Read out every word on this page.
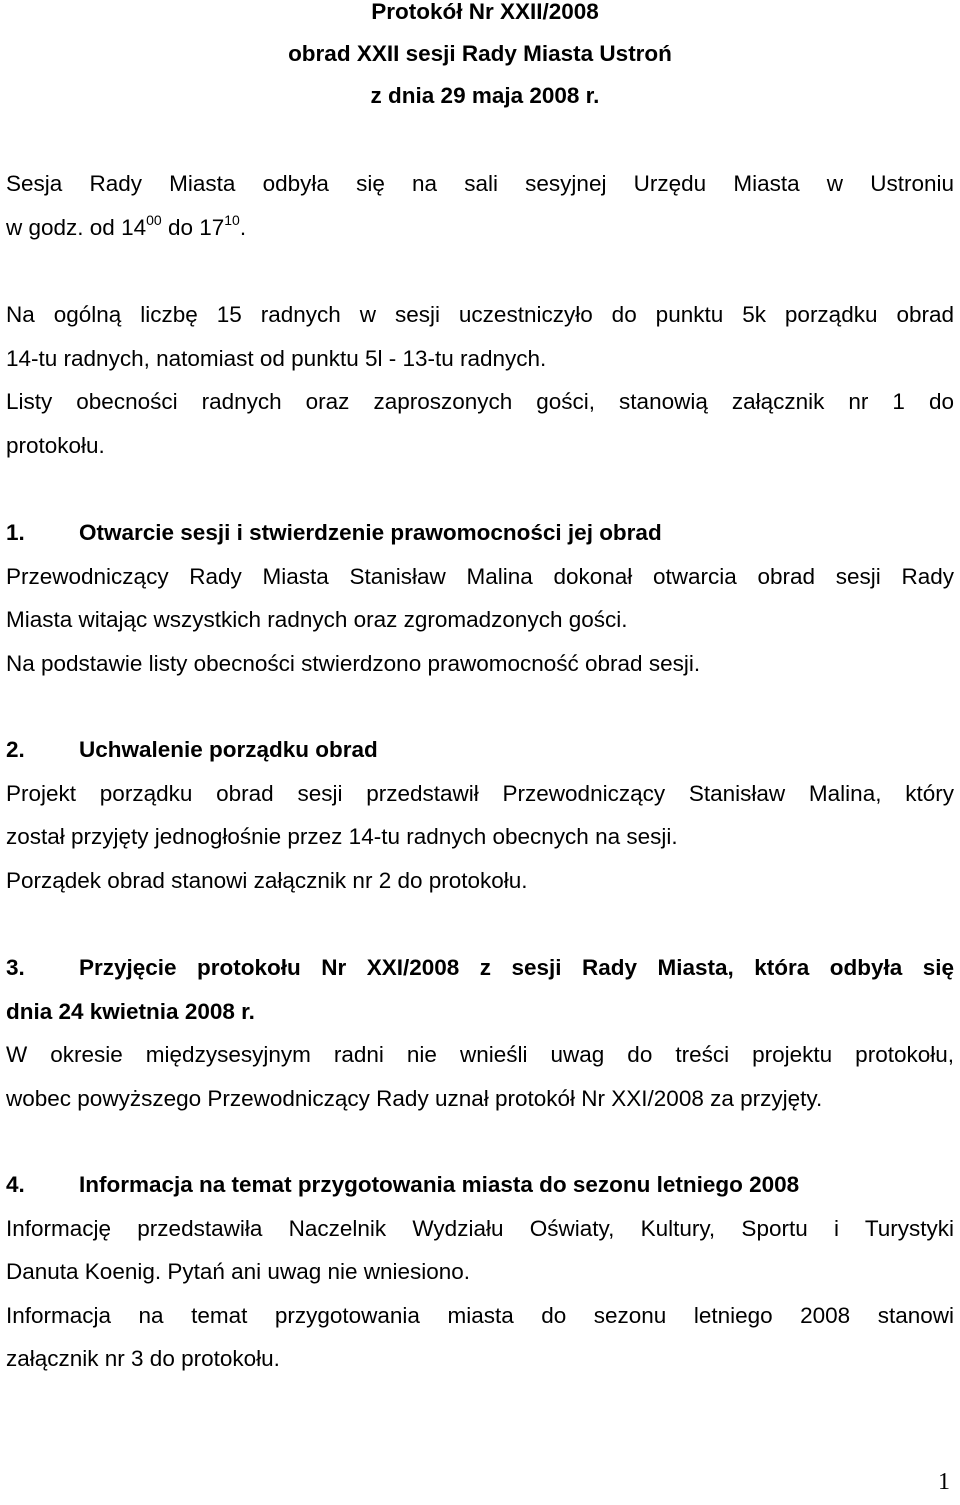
Protokół Nr XXII/2008

obrad XXII sesji Rady Miasta Ustroń

z dnia 29 maja 2008 r.

Sesja Rady Miasta odbyła się na sali sesyjnej Urzędu Miasta w Ustroniu
w godz. od $14^{00}$ do $17^{10}$.
Na ogólną liczbę 15 radnych w sesji uczestniczyło do punktu 5k porządku obrad
14-tu radnych, natomiast od punktu 5l - 13-tu radnych.
Listy obecności radnych oraz zaproszonych gości, stanowią załącznik nr 1 do
protokołu.
1.	Otwarcie sesji i stwierdzenie prawomocności jej obrad
Przewodniczący Rady Miasta Stanisław Malina dokonał otwarcia obrad sesji Rady
Miasta witając wszystkich radnych oraz zgromadzonych gości.
Na podstawie listy obecności stwierdzono prawomocność obrad sesji.
2.	Uchwalenie porządku obrad
Projekt porządku obrad sesji przedstawił Przewodniczący Stanisław Malina, który
został przyjęty jednogłośnie przez 14-tu radnych obecnych na sesji.
Porządek obrad stanowi załącznik nr 2 do protokołu.
3.	Przyjęcie protokołu Nr XXI/2008 z sesji Rady Miasta, która odbyła się
dnia 24 kwietnia 2008 r.
W okresie międzysesyjnym radni nie wnieśli uwag do treści projektu protokołu,
wobec powyższego Przewodniczący Rady uznał protokół Nr XXI/2008 za przyjęty.
4.	Informacja na temat przygotowania miasta do sezonu letniego 2008
Informację przedstawiła Naczelnik Wydziału Oświaty, Kultury, Sportu i Turystyki
Danuta Koenig. Pytań ani uwag nie wniesiono.
Informacja na temat przygotowania miasta do sezonu letniego 2008 stanowi
załącznik nr 3 do protokołu.
1
